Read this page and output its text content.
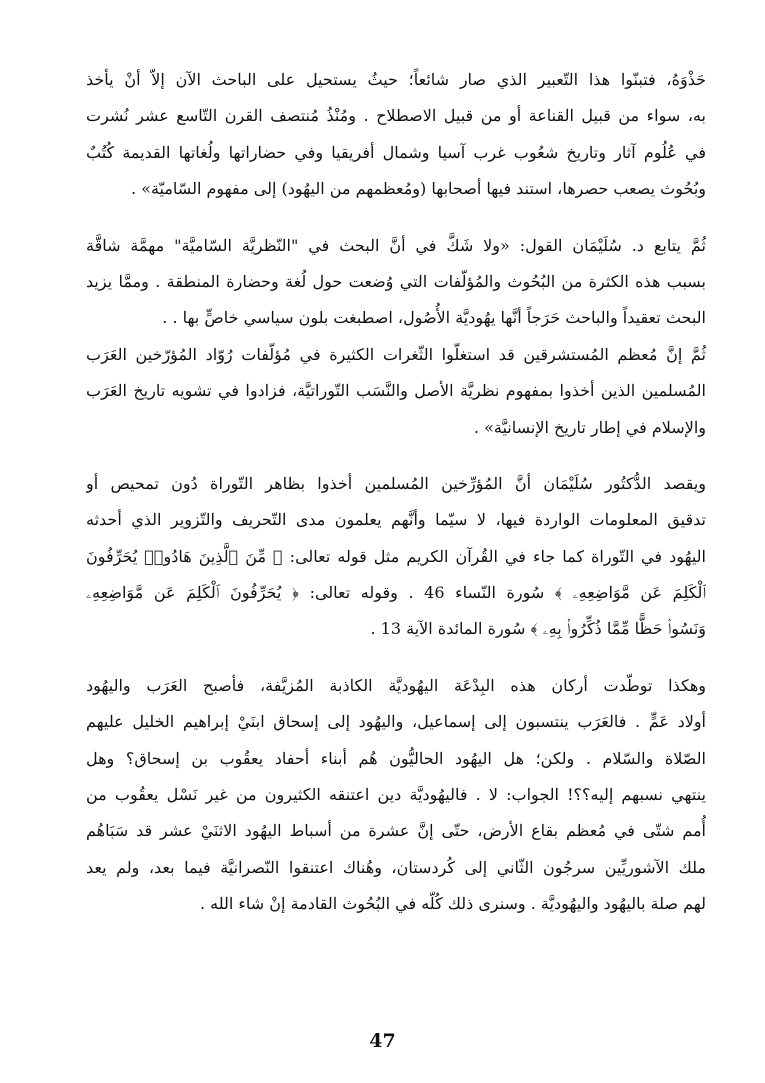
حَذْوَهُ، فتبنّوا هذا التّعبير الذي صار شائعاً؛ حيثُ يستحيل على الباحث الآن إلاّ أنْ يأخذ
به، سواء من قبيل القناعة أو من قبيل الاصطلاح . ومُنْذُ مُنتصف القرن التّاسع عشر نُشرت
في عُلُوم آثار وتاريخ شعُوب غرب آسيا وشمال أفريقيا وفي حضاراتها ولُغاتها القديمة كُتُبٌ
وبُحُوث يصعب حصرها، استند فيها أصحابها (ومُعظمهم من اليهُود) إلى مفهوم السّاميّة» .
ثُمَّ يتابع د. سُلَيْمَان القول: «ولا شَكَّ في أنَّ البحث في "النّظريَّة السّاميَّة" مهمَّة شاقَّة
بسبب هذه الكثرة من البُحُوث والمُؤلّفات التي وُضعت حول لُغة وحضارة المنطقة . وممَّا يزيد
البحث تعقيداً والباحث حَرَجاً أنَّها يهُوديَّة الأُصُول، اصطبغت بلون سياسي خاصٍّ بها . .
ثُمَّ إنَّ مُعظم المُستشرقين قد استغلّوا الثّغرات الكثيرة في مُؤلّفات رُوّاد المُؤرّخين العَرَب
المُسلمين الذين أخذوا بمفهوم نظريَّة الأصل والنَّسَب التّوراتيَّة، فزادوا في تشويه تاريخ العَرَب
والإسلام في إطار تاريخ الإنسانيَّة» .
ويقصد الدُّكتُور سُلَيْمَان أنَّ المُؤرِّخين المُسلمين أخذوا بظاهر التّوراة دُون تمحيص أو
تدقيق المعلومات الواردة فيها، لا سيّما وأنَّهم يعلمون مدى التّحريف والتّزوير الذي أحدثه
اليهُود في التّوراة كما جاء في القُرآن الكريم مثل قوله تعالى: ﴿ مِّنَ ٱلَّذِينَ هَادُوا۟ يُحَرِّفُونَ
ٱلْكَلِمَ عَن مَّوَاضِعِهِۦ ﴾ سُورة النّساء 46 . وقوله تعالى: ﴿ يُحَرِّفُونَ ٱلْكَلِمَ عَن مَّوَاضِعِهِۦ
وَنَسُوا۟ حَظًّا مِّمَّا ذُكِّرُوا۟ بِهِۦ ﴾ سُورة المائدة الآية 13 .
وهكذا توطّدت أركان هذه البِدْعَة اليهُوديَّة الكاذبة المُزيَّفة، فأصبح العَرَب واليهُود
أولاد عَمٍّ . فالعَرَب ينتسبون إلى إسماعيل، واليهُود إلى إسحاق ابنَيْ إبراهيم الخليل عليهم
الصّلاة والسّلام . ولكن؛ هل اليهُود الحاليُّون هُم أبناء أحفاد يعقُوب بن إسحاق؟ وهل
ينتهي نسبهم إليه؟؟! الجواب: لا . فاليهُوديَّة دين اعتنقه الكثيرون من غير نَسْل يعقُوب من
أُمم شتّى في مُعظم بقاع الأرض، حتّى إنَّ عشرة من أسباط اليهُود الاثنَيْ عشر قد سَبَاهُم
ملك الآشوريِّين سرجُون الثّاني إلى كُردستان، وهُناك اعتنقوا النّصرانيَّة فيما بعد، ولم يعد
لهم صلة باليهُود واليهُوديَّة . وسنرى ذلك كُلّه في البُحُوث القادمة إنْ شاء الله .
47
